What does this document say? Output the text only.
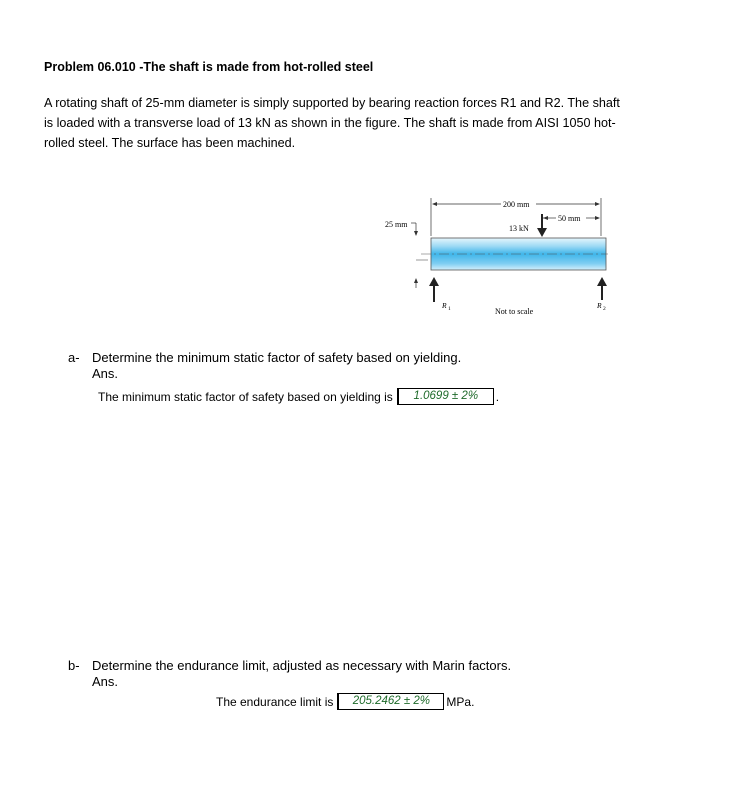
Problem 06.010 -The shaft is made from hot-rolled steel
A rotating shaft of 25-mm diameter is simply supported by bearing reaction forces R1 and R2. The shaft
is loaded with a transverse load of 13 kN as shown in the figure. The shaft is made from AISI 1050 hot-
rolled steel. The surface has been machined.
200 mm
50 mm
13 kN
25 mm
R 1	Not to scale
R 2
a- Determine the minimum static factor of safety based on yielding.
Ans.
The minimum static factor of safety based on yielding is	1.0699 ± 2%	.
b- Determine the endurance limit, adjusted as necessary with Marin factors.
Ans.
The endurance limit is	205.2462 ± 2%	MPa.
